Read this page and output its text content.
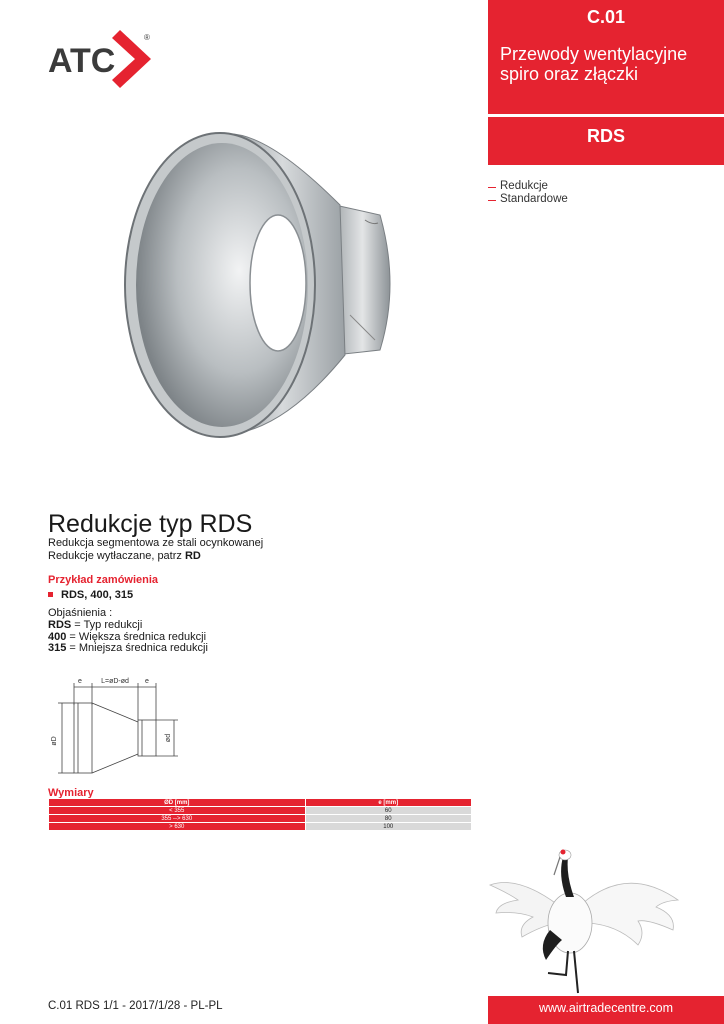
ATC
®
C.01
Przewody wentylacyjne spiro oraz złączki
RDS
Redukcje
Standardowe
Redukcje typ RDS
Redukcja segmentowa ze stali ocynkowanej
Redukcje wytłaczane, patrz RD
Przykład zamówienia
RDS, 400, 315
Objaśnienia :
RDS = Typ redukcji
400 = Większa średnica redukcji
315 = Mniejsza średnica redukcji
e	L=øD-ød e
øD	ød
Wymiary
ØD [mm]	e [mm]
< 355	60
355 --> 630	80
> 630	100
C.01 RDS 1/1 - 2017/1/28 - PL-PL	www.airtradecentre.com
